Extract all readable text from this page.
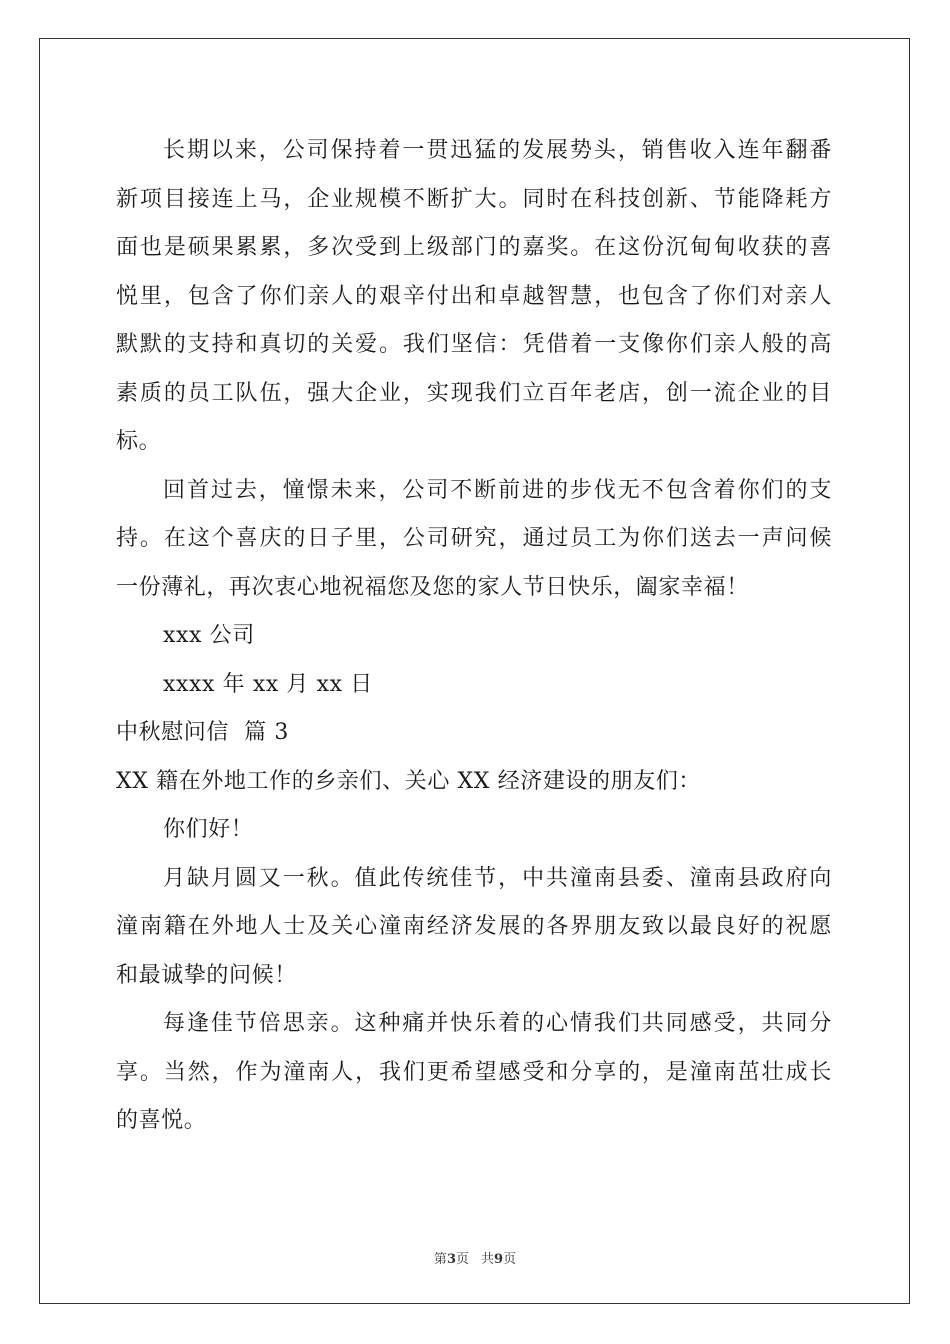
长期以来，公司保持着一贯迅猛的发展势头，销售收入连年翻番
新项目接连上马，企业规模不断扩大。同时在科技创新、节能降耗方
面也是硕果累累，多次受到上级部门的嘉奖。在这份沉甸甸收获的喜
悦里，包含了你们亲人的艰辛付出和卓越智慧，也包含了你们对亲人
默默的支持和真切的关爱。我们坚信：凭借着一支像你们亲人般的高
素质的员工队伍，强大企业，实现我们立百年老店，创一流企业的目
标。
回首过去，憧憬未来，公司不断前进的步伐无不包含着你们的支
持。在这个喜庆的日子里，公司研究，通过员工为你们送去一声问候
一份薄礼，再次衷心地祝福您及您的家人节日快乐，阖家幸福！
xxx 公司
xxxx 年 xx 月 xx 日
中秋慰问信  篇 3
XX 籍在外地工作的乡亲们、关心 XX 经济建设的朋友们：
你们好！
月缺月圆又一秋。值此传统佳节，中共潼南县委、潼南县政府向
潼南籍在外地人士及关心潼南经济发展的各界朋友致以最良好的祝愿
和最诚挚的问候！
每逢佳节倍思亲。这种痛并快乐着的心情我们共同感受，共同分
享。当然，作为潼南人，我们更希望感受和分享的，是潼南茁壮成长
的喜悦。
第3页 共9页
